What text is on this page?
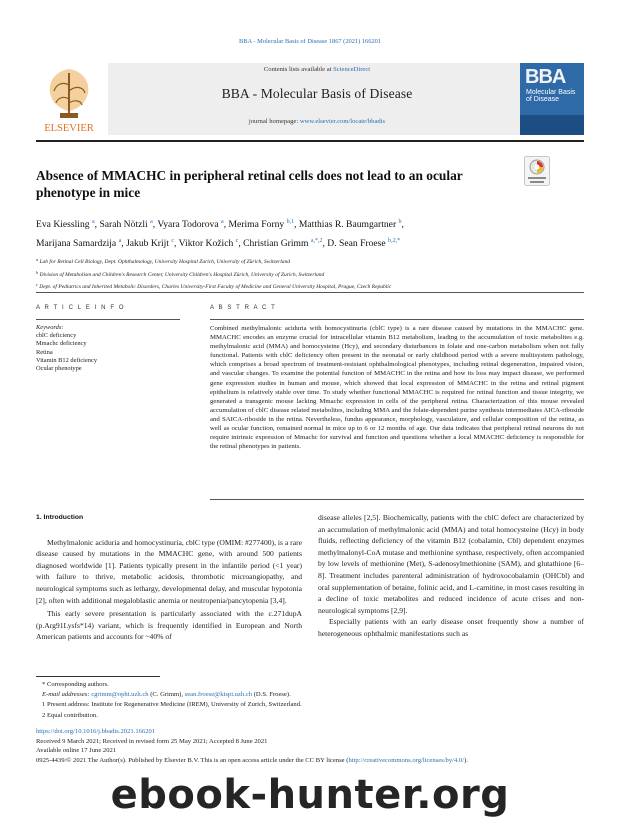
BBA - Molecular Basis of Disease 1867 (2021) 166201
ELSEVIER
Contents lists available at ScienceDirect
BBA - Molecular Basis of Disease
journal homepage: www.elsevier.com/locate/bbadis
BBA
Molecular Basis of Disease
Absence of MMACHC in peripheral retinal cells does not lead to an ocular phenotype in mice
Eva Kiessling $^a$, Sarah Nötzli $^a$, Vyara Todorova $^a$, Merima Forny $^{b,1}$, Matthias R. Baumgartner $^b$,
Marijana Samardzija $^a$, Jakub Krijt $^c$, Viktor Kožich $^c$, Christian Grimm $^{a,*,2}$, D. Sean Froese $^{b,2,*}$
$^a$ Lab for Retinal Cell Biology, Dept. Ophthalmology, University Hospital Zurich, University of Zürich, Switzerland
$^b$ Division of Metabolism and Children's Research Center, University Children's Hospital Zürich, University of Zurich, Switzerland
$^c$ Dept. of Pediatrics and Inherited Metabolic Disorders, Charles University-First Faculty of Medicine and General University Hospital, Prague, Czech Republic
A R T I C L E I N F O
Keywords:
cblC deficiency
Mmachc deficiency
Retina
Vitamin B12 deficiency
Ocular phenotype
A B S T R A C T

Combined methylmalonic aciduria with homocystinuria (cblC type) is a rare disease caused by mutations in the MMACHC gene. MMACHC encodes an enzyme crucial for intracellular vitamin B12 metabolism, leading to the accumulation of toxic metabolites e.g. methylmalonic acid (MMA) and homocysteine (Hcy), and secondary disturbances in folate and one-carbon metabolism when not fully functional. Patients with cblC deficiency often present in the neonatal or early childhood period with a severe multisystem pathology, which comprises a broad spectrum of treatment-resistant ophthalmological phenotypes, including retinal degeneration, impaired vision, and vascular changes. To examine the potential function of MMACHC in the retina and how its loss may impact disease, we performed gene expression studies in human and mouse, which showed that local expression of MMACHC in the retina and retinal pigment epithelium is relatively stable over time. To study whether functional MMACHC is required for retinal function and tissue integrity, we generated a transgenic mouse lacking Mmachc expression in cells of the peripheral retina. Characterization of this mouse revealed accumulation of cblC disease related metabolites, including MMA and the folate-dependent purine synthesis intermediates AICA-riboside and SAICA-riboside in the retina. Nevertheless, fundus appearance, morphology, vasculature, and cellular composition of the retina, as well as ocular function, remained normal in mice up to 6 or 12 months of age. Our data indicates that peripheral retinal neurons do not require intrinsic expression of Mmachc for survival and function and questions whether a local MMACHC deficiency is responsible for the retinal phenotypes in patients.

1. Introduction

Methylmalonic aciduria and homocystinuria, cblC type (OMIM: #277400), is a rare disease caused by mutations in the MMACHC gene, with around 500 patients diagnosed worldwide [1]. Patients typically present in the infantile period (<1 year) with failure to thrive, metabolic acidosis, thrombotic microangiopathy, and neurological symptoms such as lethargy, developmental delay, and muscular hypotonia [2], often with additional megaloblastic anemia or neutropenia/pancytopenia [3,4].

This early severe presentation is particularly associated with the c.271dupA (p.Arg91Lysfs*14) variant, which is frequently identified in European and North American patients and accounts for ~40% of

disease alleles [2,5]. Biochemically, patients with the cblC defect are characterized by an accumulation of methylmalonic acid (MMA) and total homocysteine (Hcy) in body fluids, reflecting deficiency of the vitamin B12 (cobalamin, Cbl) dependent enzymes methylmalonyl-CoA mutase and methionine synthase, respectively, often accompanied by low levels of methionine (Met), S-adenosylmethionine (SAM), and glutathione [6–8]. Treatment includes parenteral administration of hydroxocobalamin (OHCbl) and oral supplementation of betaine, folinic acid, and L-carnitine, in most cases resulting in a decline of toxic metabolites and reduced incidence of acute crises and non-neurological symptoms [2,9].

Especially patients with an early disease onset frequently show a number of heterogeneous ophthalmic manifestations such as

* Corresponding authors.
E-mail addresses: cgrimm@opht.uzh.ch (C. Grimm), sean.froese@kispi.uzh.ch (D.S. Froese).
1 Present address: Institute for Regenerative Medicine (IREM), University of Zurich, Switzerland.
2 Equal contribution.
https://doi.org/10.1016/j.bbadis.2021.166201
Received 9 March 2021; Received in revised form 25 May 2021; Accepted 8 June 2021
Available online 17 June 2021
0925-4439/© 2021 The Author(s). Published by Elsevier B.V. This is an open access article under the CC BY license (http://creativecommons.org/licenses/by/4.0/).
ebook-hunter.org
